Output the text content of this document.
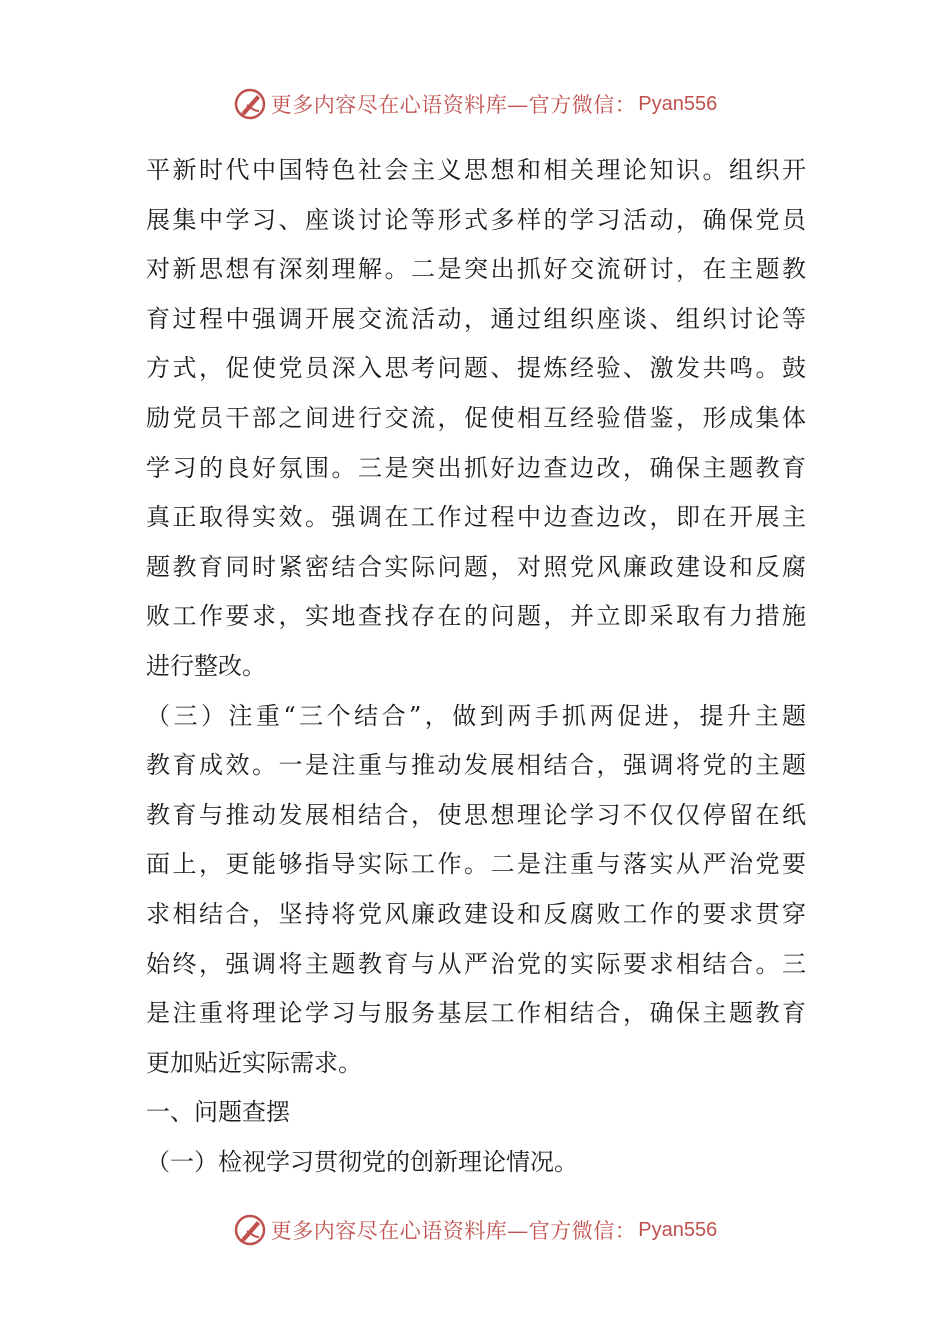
更多内容尽在心语资料库—官方微信： Pyan556
平新时代中国特色社会主义思想和相关理论知识。组织开
展集中学习、座谈讨论等形式多样的学习活动，确保党员
对新思想有深刻理解。二是突出抓好交流研讨，在主题教
育过程中强调开展交流活动，通过组织座谈、组织讨论等
方式，促使党员深入思考问题、提炼经验、激发共鸣。鼓
励党员干部之间进行交流，促使相互经验借鉴，形成集体
学习的良好氛围。三是突出抓好边查边改，确保主题教育
真正取得实效。强调在工作过程中边查边改，即在开展主
题教育同时紧密结合实际问题，对照党风廉政建设和反腐
败工作要求，实地查找存在的问题，并立即采取有力措施
进行整改。
（三）注重“三个结合”，做到两手抓两促进，提升主题
教育成效。一是注重与推动发展相结合，强调将党的主题
教育与推动发展相结合，使思想理论学习不仅仅停留在纸
面上，更能够指导实际工作。二是注重与落实从严治党要
求相结合，坚持将党风廉政建设和反腐败工作的要求贯穿
始终，强调将主题教育与从严治党的实际要求相结合。三
是注重将理论学习与服务基层工作相结合，确保主题教育
更加贴近实际需求。
一、问题查摆
（一）检视学习贯彻党的创新理论情况。
更多内容尽在心语资料库—官方微信： Pyan556
